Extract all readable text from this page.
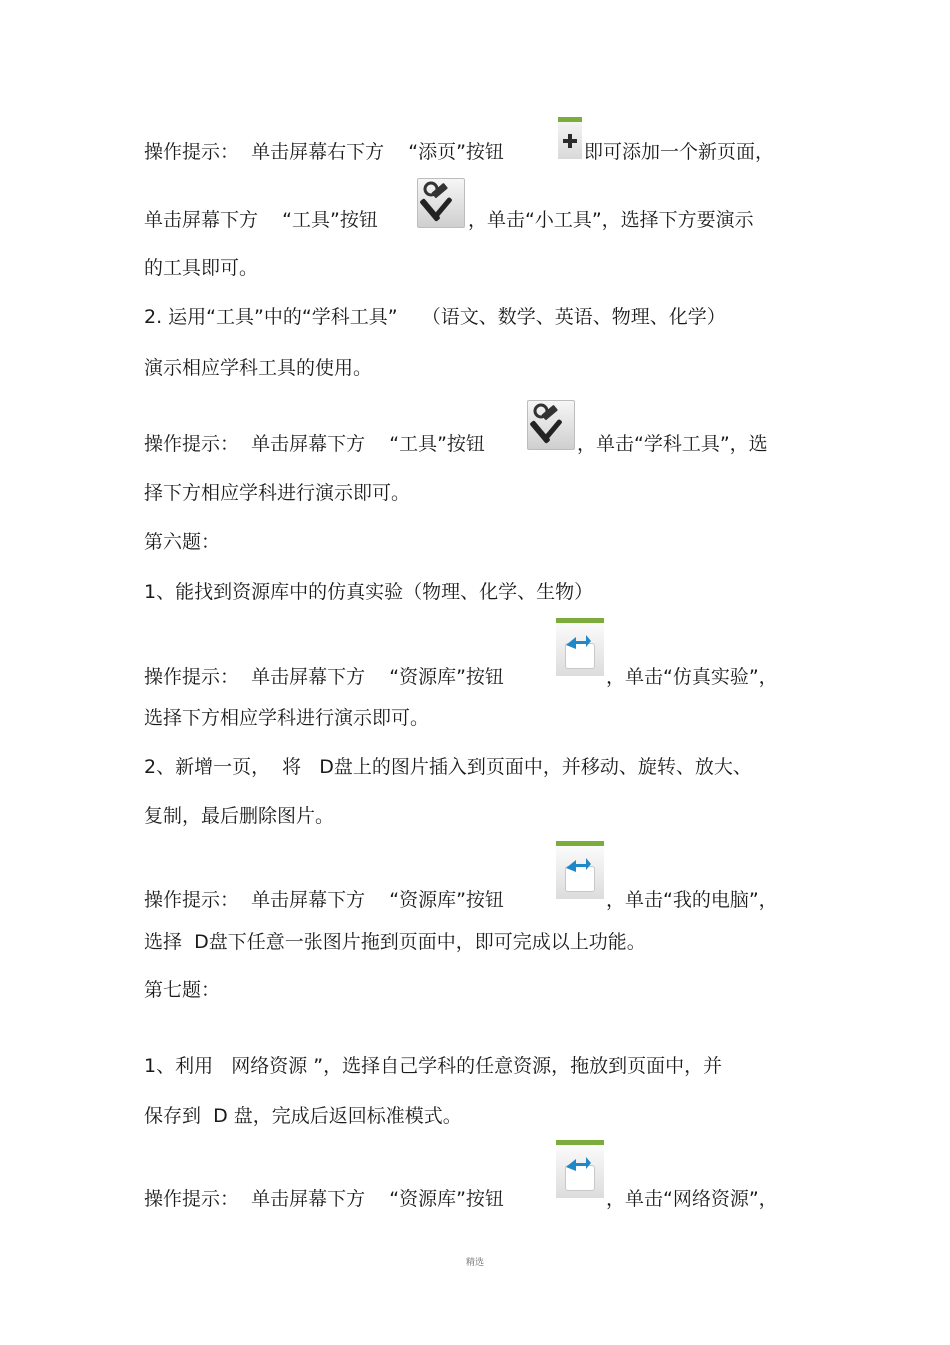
操作提示：  单击屏幕右下方    “添页”按钮	即可添加一个新页面，
单击屏幕下方    “工具”按钮	，单击“小工具”，选择下方要演示
的工具即可。
2. 运用“工具”中的“学科工具”    （语文、数学、英语、物理、化学）
演示相应学科工具的使用。
操作提示：  单击屏幕下方    “工具”按钮	，单击“学科工具”，选
择下方相应学科进行演示即可。
第六题：
1、能找到资源库中的仿真实验（物理、化学、生物）
操作提示：  单击屏幕下方    “资源库”按钮	，单击“仿真实验”，
选择下方相应学科进行演示即可。
2、新增一页，  将   D盘上的图片插入到页面中，并移动、旋转、放大、
复制，最后删除图片。
操作提示：  单击屏幕下方    “资源库”按钮	，单击“我的电脑”，
选择  D盘下任意一张图片拖到页面中，即可完成以上功能。
第七题：
1、利用   网络资源 ”，选择自己学科的任意资源，拖放到页面中，并
保存到  D 盘，完成后返回标准模式。
操作提示：  单击屏幕下方    “资源库”按钮	，单击“网络资源”，
精选
